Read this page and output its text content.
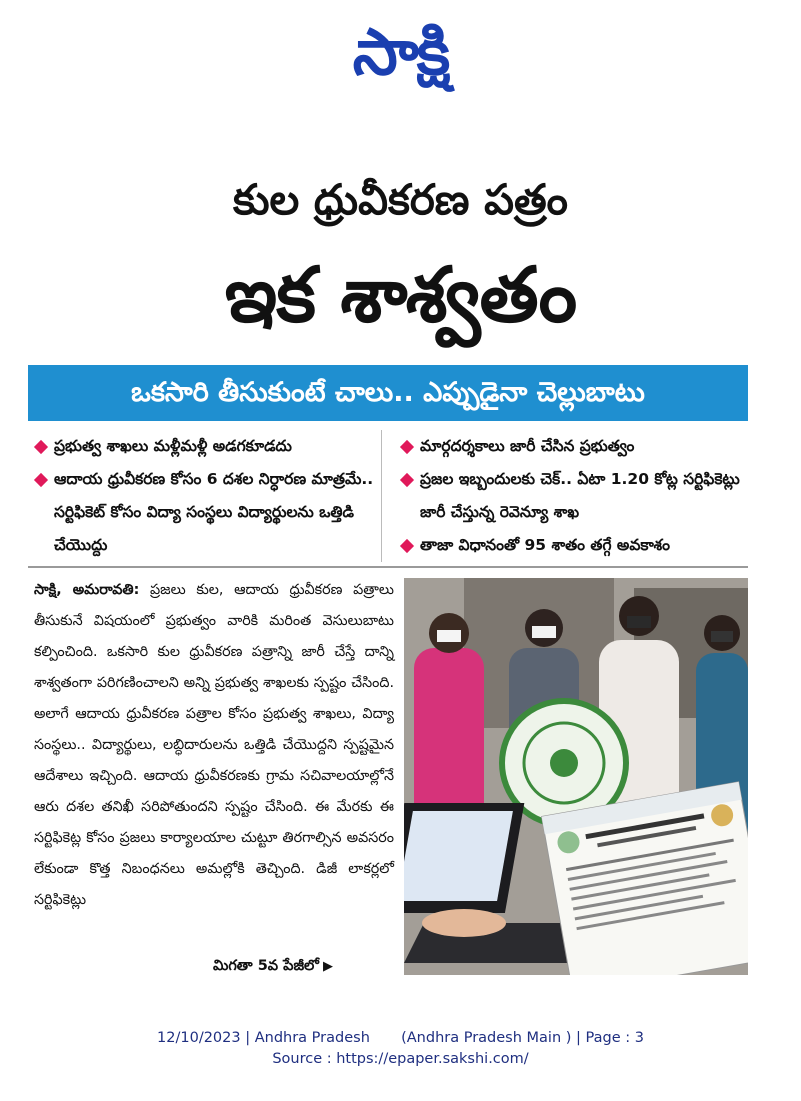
సాక్షి
కుల ధ్రువీకరణ పత్రం
ఇక శాశ్వతం
ఒకసారి తీసుకుంటే చాలు.. ఎప్పుడైనా చెల్లుబాటు
ప్రభుత్వ శాఖలు మళ్లీమళ్లీ అడగకూడదు
ఆదాయ ధ్రువీకరణ కోసం 6 దశల నిర్ధారణ మాత్రమే.. సర్టిఫికెట్‌ కోసం విద్యా సంస్థలు విద్యార్థులను ఒత్తిడి చేయొద్దు
మార్గదర్శకాలు జారీ చేసిన ప్రభుత్వం
ప్రజల ఇబ్బందులకు చెక్‌.. ఏటా 1.20 కోట్ల సర్టిఫికెట్లు జారీ చేస్తున్న రెవెన్యూ శాఖ
తాజా విధానంతో 95 శాతం తగ్గే అవకాశం
సాక్షి, అమరావతి: ప్రజలు కుల, ఆదాయ ధ్రువీకరణ పత్రాలు తీసుకునే విషయంలో ప్రభుత్వం వారికి మరింత వెసులుబాటు కల్పించింది. ఒకసారి కుల ధ్రువీకరణ పత్రాన్ని జారీ చేస్తే దాన్ని శాశ్వతంగా పరిగణించాలని అన్ని ప్రభుత్వ శాఖలకు స్పష్టం చేసింది. అలాగే ఆదాయ ధ్రువీకరణ పత్రాల కోసం ప్రభుత్వ శాఖలు, విద్యా సంస్థలు.. విద్యార్థులు, లబ్ధిదారులను ఒత్తిడి చేయొద్దని స్పష్టమైన ఆదేశాలు ఇచ్చింది. ఆదాయ ధ్రువీకరణకు గ్రామ సచివాలయాల్లోనే ఆరు దశల తనిఖీ సరిపోతుందని స్పష్టం చేసింది. ఈ మేరకు ఈ సర్టిఫికెట్ల కోసం ప్రజలు కార్యాలయాల చుట్టూ తిరగాల్సిన అవసరం లేకుండా కొత్త నిబంధనలు అమల్లోకి తెచ్చింది. డిజీ లాకర్లలో సర్టిఫికెట్లు
మిగతా 5వ పేజీలో ▶
12/10/2023 | Andhra Pradesh (Andhra Pradesh Main ) | Page : 3
Source : https://epaper.sakshi.com/
